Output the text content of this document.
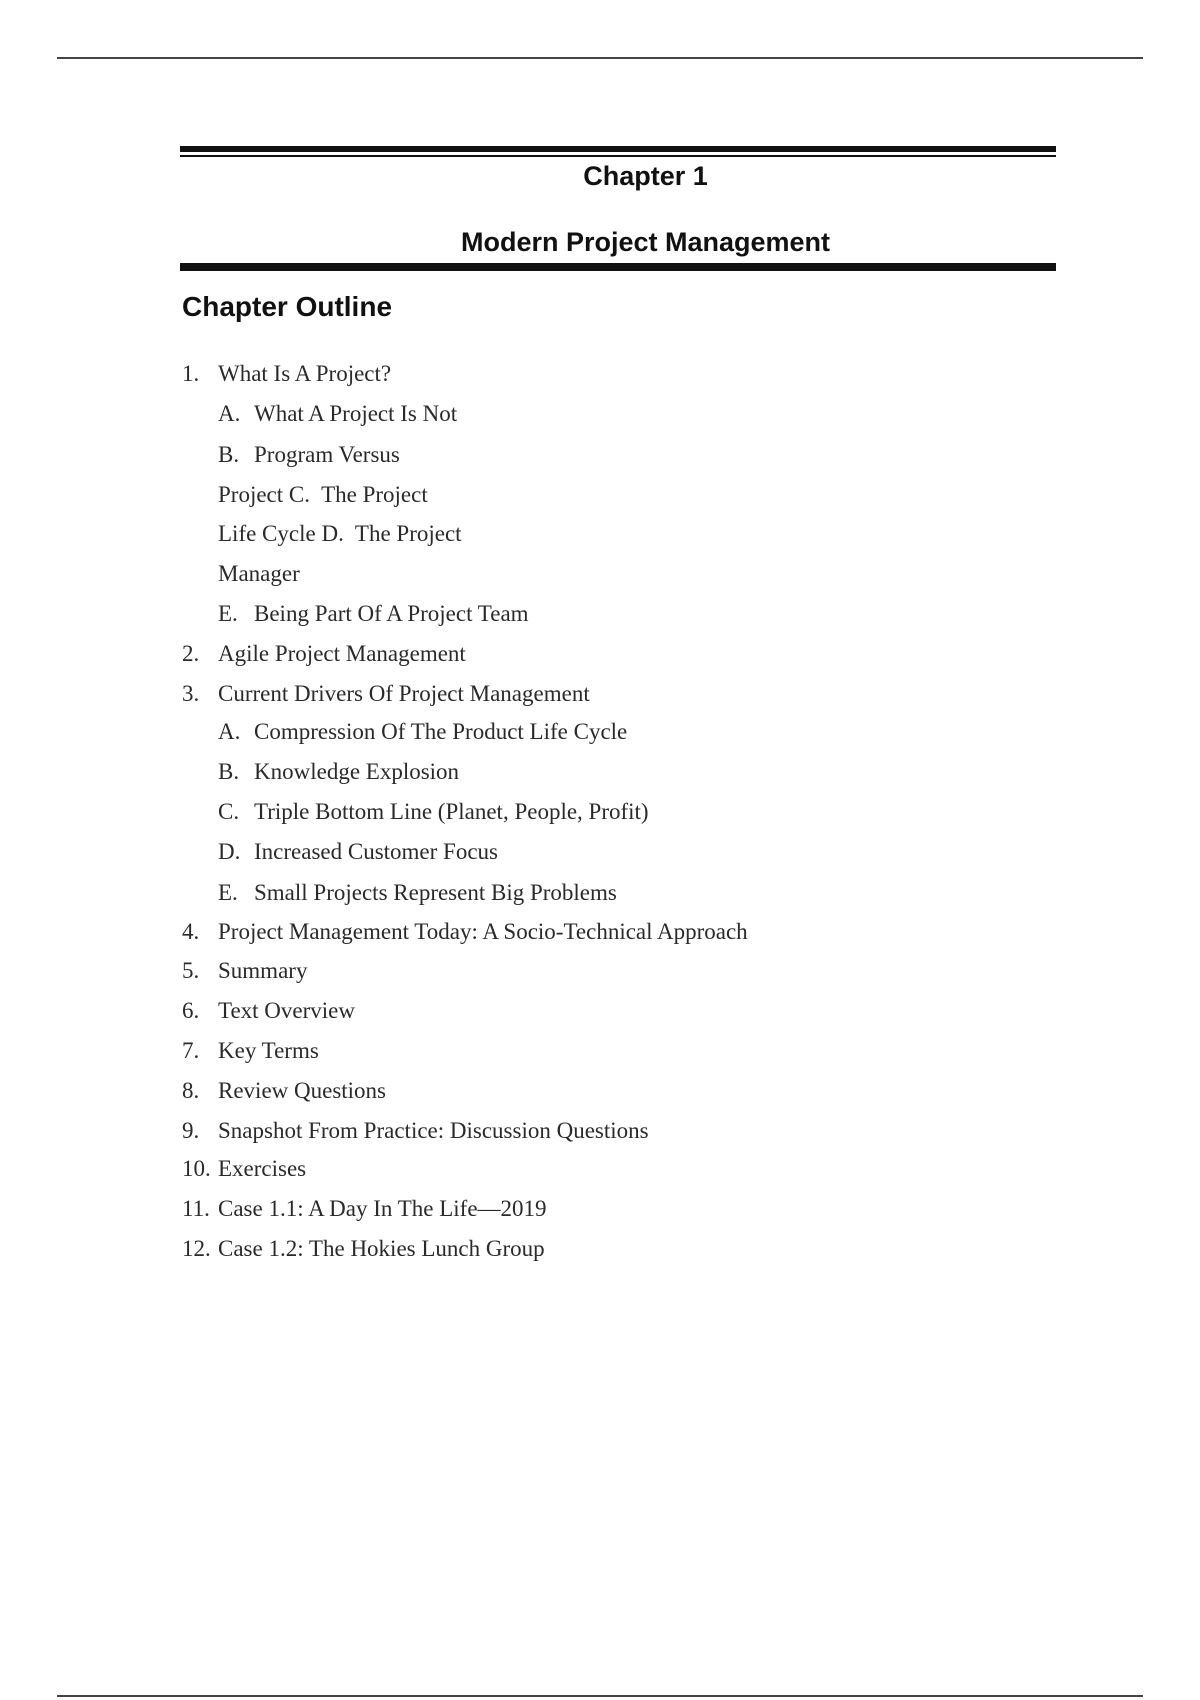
Chapter 1
Modern Project Management
Chapter Outline
1. What Is A Project?
A. What A Project Is Not
B. Program Versus
Project C.  The Project
Life Cycle D.  The Project
Manager
E. Being Part Of A Project Team
2. Agile Project Management
3. Current Drivers Of Project Management
A. Compression Of The Product Life Cycle
B. Knowledge Explosion
C. Triple Bottom Line (Planet, People, Profit)
D. Increased Customer Focus
E. Small Projects Represent Big Problems
4. Project Management Today: A Socio-Technical Approach
5. Summary
6. Text Overview
7. Key Terms
8. Review Questions
9. Snapshot From Practice: Discussion Questions
10. Exercises
11. Case 1.1: A Day In The Life—2019
12. Case 1.2: The Hokies Lunch Group
